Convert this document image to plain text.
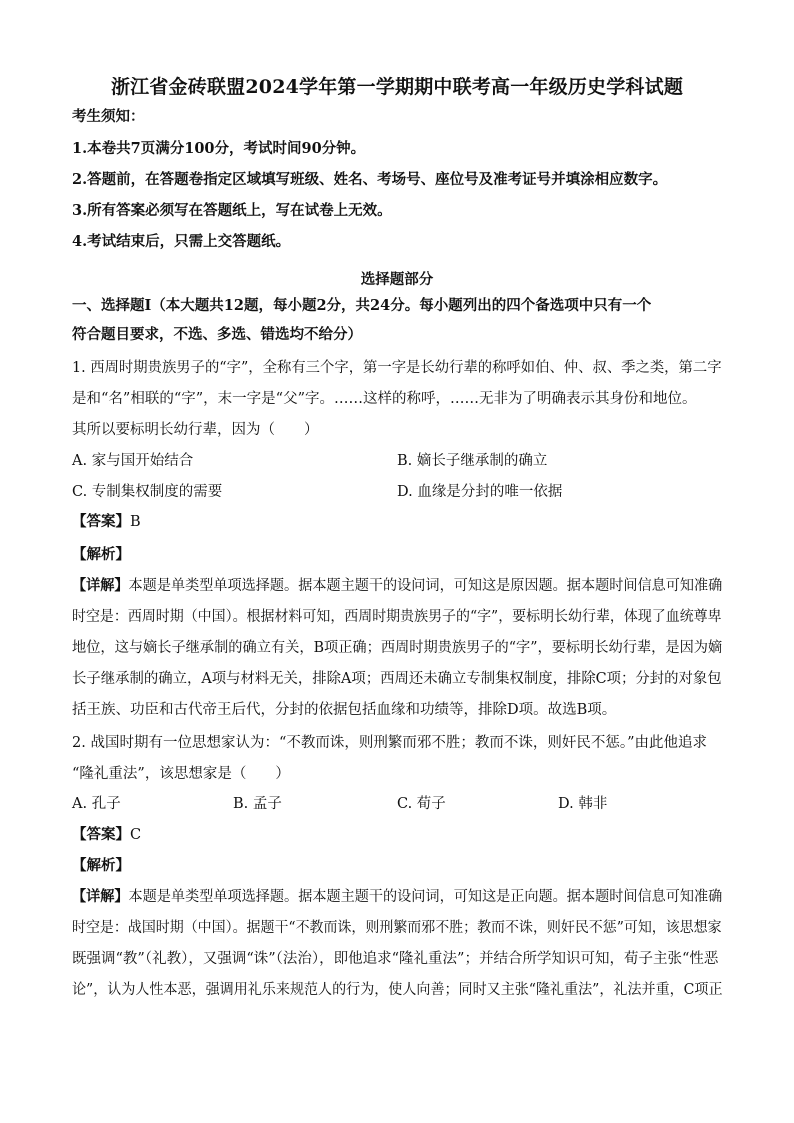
浙江省金砖联盟2024学年第一学期期中联考高一年级历史学科试题
考生须知：
1.本卷共7页满分100分，考试时间90分钟。
2.答题前，在答题卷指定区域填写班级、姓名、考场号、座位号及准考证号并填涂相应数字。
3.所有答案必须写在答题纸上，写在试卷上无效。
4.考试结束后，只需上交答题纸。
选择题部分
一、选择题Ⅰ（本大题共12题，每小题2分，共24分。每小题列出的四个备选项中只有一个
符合题目要求，不选、多选、错选均不给分）
1. 西周时期贵族男子的“字”，全称有三个字，第一字是长幼行辈的称呼如伯、仲、叔、季之类，第二字
是和“名”相联的“字”，末一字是“父”字。……这样的称呼，……无非为了明确表示其身份和地位。
其所以要标明长幼行辈，因为（　　）
A. 家与国开始结合	B. 嫡长子继承制的确立
C. 专制集权制度的需要	D. 血缘是分封的唯一依据
【答案】B
【解析】
【详解】本题是单类型单项选择题。据本题主题干的设问词，可知这是原因题。据本题时间信息可知准确
时空是：西周时期（中国）。根据材料可知，西周时期贵族男子的“字”，要标明长幼行辈，体现了血统尊卑
地位，这与嫡长子继承制的确立有关，B项正确；西周时期贵族男子的“字”，要标明长幼行辈，是因为嫡
长子继承制的确立，A项与材料无关，排除A项；西周还未确立专制集权制度，排除C项；分封的对象包
括王族、功臣和古代帝王后代，分封的依据包括血缘和功绩等，排除D项。故选B项。
2. 战国时期有一位思想家认为：“不教而诛，则刑繁而邪不胜；教而不诛，则奸民不惩。”由此他追求
“隆礼重法”，该思想家是（　　）
A. 孔子	B. 孟子	C. 荀子	D. 韩非
【答案】C
【解析】
【详解】本题是单类型单项选择题。据本题主题干的设问词，可知这是正向题。据本题时间信息可知准确
时空是：战国时期（中国）。据题干“不教而诛，则刑繁而邪不胜；教而不诛，则奸民不惩”可知，该思想家
既强调“教”（礼教），又强调“诛”（法治），即他追求“隆礼重法”；并结合所学知识可知，荀子主张“性恶
论”，认为人性本恶，强调用礼乐来规范人的行为，使人向善；同时又主张“隆礼重法”，礼法并重，C项正
